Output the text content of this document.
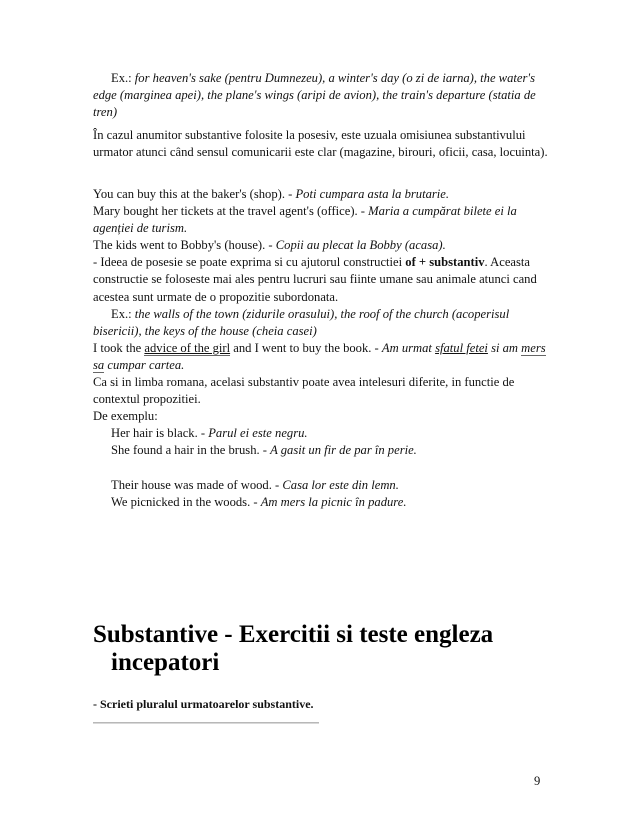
Ex.: for heaven's sake (pentru Dumnezeu), a winter's day (o zi de iarna), the water's edge (marginea apei), the plane's wings (aripi de avion), the train's departure (statia de tren)
În cazul anumitor substantive folosite la posesiv, este uzuala omisiunea substantivului urmator atunci când sensul comunicarii este clar (magazine, birouri, oficii, casa, locuinta).
You can buy this at the baker's (shop). - Poti cumpara asta la brutarie.
Mary bought her tickets at the travel agent's (office). - Maria a cumpărat bilete ei la agenției de turism.
The kids went to Bobby's (house). - Copii au plecat la Bobby (acasa).
- Ideea de posesie se poate exprima si cu ajutorul constructiei of + substantiv. Aceasta constructie se foloseste mai ales pentru lucruri sau fiinte umane sau animale atunci cand acestea sunt urmate de o propozitie subordonata.
Ex.: the walls of the town (zidurile orasului), the roof of the church (acoperisul bisericii), the keys of the house (cheia casei)
I took the advice of the girl and I went to buy the book. - Am urmat sfatul fetei si am mers sa cumpar cartea.
Ca si in limba romana, acelasi substantiv poate avea intelesuri diferite, in functie de contextul propozitiei.
De exemplu:
Her hair is black. - Parul ei este negru.
She found a hair in the brush. - A gasit un fir de par în perie.
Their house was made of wood. - Casa lor este din lemn.
We picnicked in the woods. - Am mers la picnic în padure.
Substantive - Exercitii si teste engleza
incepatori
- Scrieti pluralul urmatoarelor substantive.
9
